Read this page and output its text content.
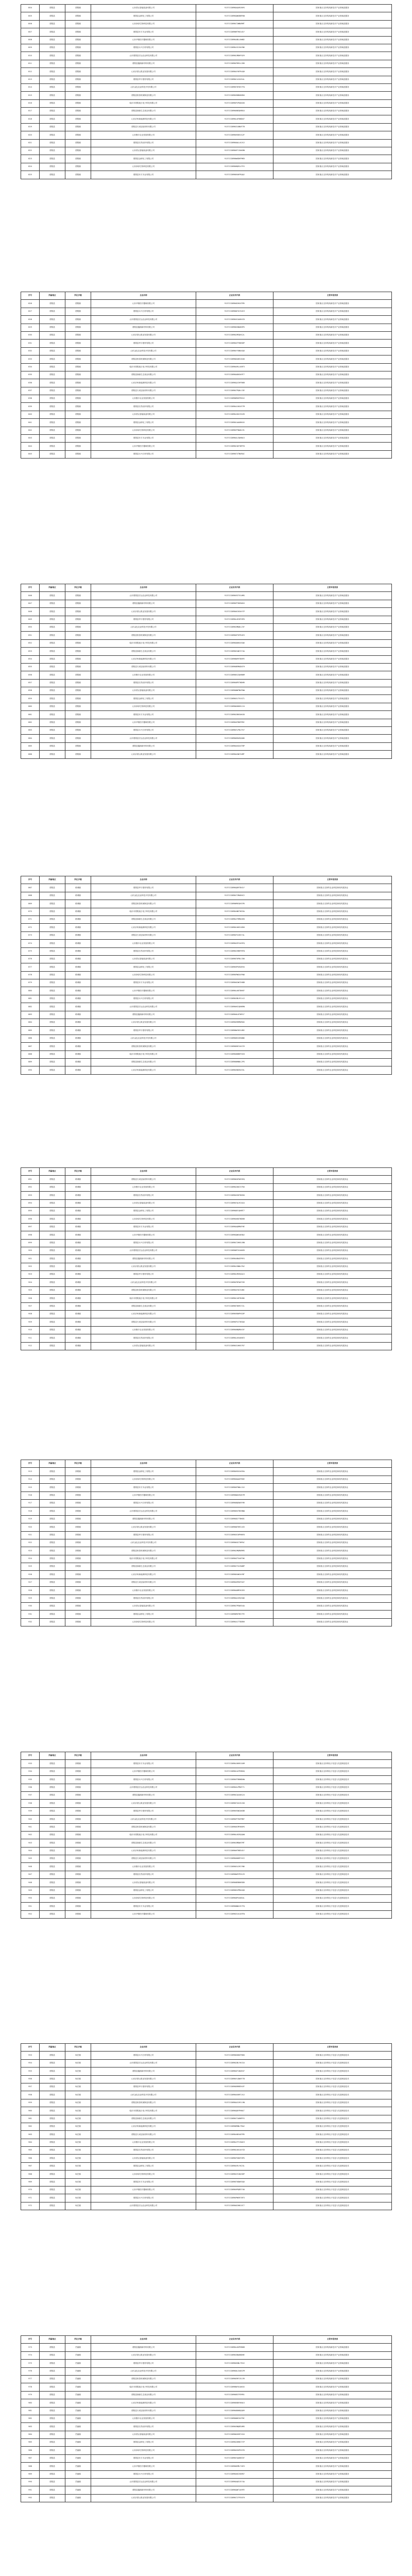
804	蒙阴县	蒙阴镇	山东蒙山智能装备有限公司	91371328MAAQ4RJNYK	国家重点支持的高新技术产业领域及服务
805	蒙阴县	蒙阴镇	蒙阴县金桥化工有限公司	91371328MAQWG8NPAN	国家重点支持的高新技术产业领域及服务
806	蒙阴县	蒙阴镇	山东润泽生物科技有限公司	91371328MA72WNURMT	国家重点支持的高新技术产业领域及服务
807	蒙阴县	蒙阴镇	蒙阴县东方木业有限公司	91371328MAM7961U1Y	国家重点支持的高新技术产业领域及服务
808	蒙阴县	蒙阴镇	山东华康医疗器械有限公司	91371328MA4BLL6WB2	国家重点支持的高新技术产业领域及服务
809	蒙阴县	蒙阴镇	蒙阴县永兴石材有限公司	91371328MAJG13AYN6	国家重点支持的高新技术产业领域及服务
810	蒙阴县	蒙阴镇	山东蒙阴县宏达农业科技有限公司	91371328MA1MDHF029	国家重点支持的高新技术产业领域及服务
811	蒙阴县	蒙阴镇	蒙阴县鑫源新材料有限公司	91371328MAFRR1L2DD	国家重点支持的高新技术产业领域及服务
812	蒙阴县	蒙阴镇	山东沂蒙山果业发展有限公司	91371328MAXY6FR4QH	国家重点支持的高新技术产业领域及服务
813	蒙阴县	蒙阴镇	蒙阴县华宇建材有限公司	91371328MAC4JXX54L	国家重点支持的高新技术产业领域及服务
814	蒙阴县	蒙阴镇	山东金色农业科技开发有限公司	91371328MAT8YD37FQ	国家重点支持的高新技术产业领域及服务
815	蒙阴县	蒙阴镇	蒙阴县恒泰机械制造有限公司	91371328MA9DBU88RU	国家重点支持的高新技术产业领域及服务
816	蒙阴县	蒙阴镇	临沂市蒙阴旭日电子科技有限公司	91371328MAPJPADA50	国家重点支持的高新技术产业领域及服务
817	蒙阴县	蒙阴镇	蒙阴县绿源生态食品有限公司	91371328MA6N3QHBG4	国家重点支持的高新技术产业领域及服务
818	蒙阴县	蒙阴镇	山东沂州新能源科技有限公司	91371328MALUF8NDU7	国家重点支持的高新技术产业领域及服务
819	蒙阴县	蒙阴镇	蒙阴县天成包装材料有限公司	91371328MA31UNUF7B	国家重点支持的高新技术产业领域及服务
820	蒙阴县	蒙阴镇	山东聚丰农业发展有限公司	91371328MAH5851GJF	国家重点支持的高新技术产业领域及服务
821	蒙阴县	蒙阴镇	蒙阴县宏昌纺织有限公司	91371328MA0ALL6JXJ	国家重点支持的高新技术产业领域及服务
822	蒙阴县	蒙阴镇	山东蒙山智能装备有限公司	91371328MAEF13AK8N	国家重点支持的高新技术产业领域及服务
823	蒙阴县	蒙阴镇	蒙阴县金桥化工有限公司	91371328MAWKDHFMKR	国家重点支持的高新技术产业领域及服务
824	蒙阴县	蒙阴镇	山东润泽生物科技有限公司	91371328MABQR1LPYX	国家重点支持的高新技术产业领域及服务
825	蒙阴县	蒙阴镇	蒙阴县东方木业有限公司	91371328MARX6FRQA2	国家重点支持的高新技术产业领域及服务
序号	所属地区	所在乡镇	企业名称	企业信用代码	主要申报类别
826	蒙阴县	蒙阴镇	山东华康医疗器械有限公司	91371328MA82HXXTM5	国家重点支持的高新技术产业领域及服务
827	蒙阴县	蒙阴镇	蒙阴县永兴石材有限公司	91371328MAN7XC3U19	国家重点支持的高新技术产业领域及服务
828	蒙阴县	蒙阴镇	山东蒙阴县宏达农业科技有限公司	91371328MA5CAU8XCD	国家重点支持的高新技术产业领域及服务
829	蒙阴县	蒙阴镇	蒙阴县鑫源新材料有限公司	91371328MAKGNAD0PG	国家重点支持的高新技术产业领域及服务
830	蒙阴县	蒙阴镇	山东沂蒙山果业发展有限公司	91371328MA2M3QH12L	国家重点支持的高新技术产业领域及服务
831	蒙阴县	蒙阴镇	蒙阴县华宇建材有限公司	91371328MAGTF8N3DP	国家重点支持的高新技术产业领域及服务
832	蒙阴县	蒙阴镇	山东金色农业科技开发有限公司	91371328MAYYUNU4QU	国家重点支持的高新技术产业领域及服务
833	蒙阴县	蒙阴镇	蒙阴县恒泰机械制造有限公司	91371328MAD4851640	国家重点支持的高新技术产业领域及服务
834	蒙阴县	蒙阴镇	临沂市蒙阴旭日电子科技有限公司	91371328MAU9LL68F3	国家重点支持的高新技术产业领域及服务
835	蒙阴县	蒙阴镇	蒙阴县绿源生态食品有限公司	91371328MAAD03A9T7	国家重点支持的高新技术产业领域及服务
836	蒙阴县	蒙阴镇	山东沂州新能源科技有限公司	91371328MAQJCHFB6B	国家重点支持的高新技术产业领域及服务
837	蒙阴县	蒙阴镇	蒙阴县天成包装材料有限公司	91371328MA7PQ0LCGE	国家重点支持的高新技术产业领域及服务
838	蒙阴县	蒙阴镇	山东聚丰农业发展有限公司	91371328MAMU5FREUJ	国家重点支持的高新技术产业领域及服务
839	蒙阴县	蒙阴镇	蒙阴县宏昌纺织有限公司	91371328MA41HXXF7M	国家重点支持的高新技术产业领域及服务
840	蒙阴县	蒙阴镇	山东蒙山智能装备有限公司	91371328MAJ6XC3HJR	国家重点支持的高新技术产业领域及服务
841	蒙阴县	蒙阴镇	蒙阴县金桥化工有限公司	91371328MA1AAU8KXX	国家重点支持的高新技术产业领域及服务
842	蒙阴县	蒙阴镇	山东润泽生物科技有限公司	91371328MAFFNADL91	国家重点支持的高新技术产业领域及服务
843	蒙阴县	蒙阴镇	蒙阴县东方木业有限公司	91371328MAXL3QHNL5	国家重点支持的高新技术产业领域及服务
844	蒙阴县	蒙阴镇	山东华康医疗器械有限公司	91371328MACQE7NPY8	国家重点支持的高新技术产业领域及服务
845	蒙阴县	蒙阴镇	蒙阴县永兴石材有限公司	91371328MATXTNURAC	国家重点支持的高新技术产业领域及服务
序号	所属地区	所在乡镇	企业名称	企业信用代码	主要申报类别
846	蒙阴县	蒙阴镇	山东蒙阴县宏达农业科技有限公司	91371328MA93751UMG	国家重点支持的高新技术产业领域及服务
847	蒙阴县	蒙阴镇	蒙阴县鑫源新材料有限公司	91371328MAP7KK5W1K	国家重点支持的高新技术产业领域及服务
848	蒙阴县	蒙阴镇	山东沂蒙山果业发展有限公司	91371328MA6C03AYCP	国家重点支持的高新技术产业领域及服务
849	蒙阴县	蒙阴镇	蒙阴县华宇建材有限公司	91371328MALHCHF0PU	国家重点支持的高新技术产业领域及服务
850	蒙阴县	蒙阴镇	山东金色农业科技开发有限公司	91371328MA3MQ0L23Y	国家重点支持的高新技术产业领域及服务
851	蒙阴县	蒙阴镇	蒙阴县恒泰机械制造有限公司	91371328MAHT5FR4E3	国家重点支持的高新技术产业领域及服务
852	蒙阴县	蒙阴镇	临沂市蒙阴旭日电子科技有限公司	91371328MA00HXX5Q6	国家重点支持的高新技术产业领域及服务
853	蒙阴县	蒙阴镇	蒙阴县绿源生态食品有限公司	91371328MAE4WC374A	国家重点支持的高新技术产业领域及服务
854	蒙阴县	蒙阴镇	山东沂州新能源科技有限公司	91371328MAW99T88FE	国家重点支持的高新技术产业领域及服务
855	蒙阴县	蒙阴镇	蒙阴县天成包装材料有限公司	91371328MABEMADATH	国家重点支持的高新技术产业领域及服务
856	蒙阴县	蒙阴镇	山东聚丰农业发展有限公司	91371328MARJ2QHB6M	国家重点支持的高新技术产业领域及服务
857	蒙阴县	蒙阴镇	蒙阴县宏昌纺织有限公司	91371328MA8PE7NDHR	国家重点支持的高新技术产业领域及服务
858	蒙阴县	蒙阴镇	山东蒙山智能装备有限公司	91371328MANWTNUFWW	国家重点支持的高新技术产业领域及服务
859	蒙阴县	蒙阴镇	蒙阴县金桥化工有限公司	91371328MA51751G71	国家重点支持的高新技术产业领域及服务
860	蒙阴县	蒙阴镇	山东润泽生物科技有限公司	91371328MAK6KK5JJ4	国家重点支持的高新技术产业领域及服务
861	蒙阴县	蒙阴镇	蒙阴县东方木业有限公司	91371328MA2B03AKX8	国家重点支持的高新技术产业领域及服务
862	蒙阴县	蒙阴镇	山东华康医疗器械有限公司	91371328MAGFBHFM9C	国家重点支持的高新技术产业领域及服务
863	蒙阴县	蒙阴镇	蒙阴县永兴石材有限公司	91371328MAYLP0LPLF	国家重点支持的高新技术产业领域及服务
864	蒙阴县	蒙阴镇	山东蒙阴县宏达农业科技有限公司	91371328MADR4EQQ0K	国家重点支持的高新技术产业领域及服务
865	蒙阴县	蒙阴镇	蒙阴县鑫源新材料有限公司	91371328MAUXGXXTBP	国家重点支持的高新技术产业领域及服务
866	蒙阴县	蒙阴镇	山东沂蒙山果业发展有限公司	91371328MAA3WC3UMT	国家重点支持的高新技术产业领域及服务
序号	所属地区	所在乡镇	企业名称	企业信用代码	主要申报类别
867	蒙阴县	联城镇	蒙阴县华宇建材有限公司	91371328MAQ89T8X1Y	国家重点支持的农业科技和现代服务业
868	蒙阴县	联城镇	山东金色农业科技开发有限公司	91371328MA7CMAD0C2	国家重点支持的农业科技和现代服务业
869	蒙阴县	联城镇	蒙阴县恒泰机械制造有限公司	91371328MAMH2QH1P6	国家重点支持的农业科技和现代服务业
870	蒙阴县	联城镇	临沂市蒙阴旭日电子科技有限公司	91371328MA4NE7N33A	国家重点支持的农业科技和现代服务业
871	蒙阴县	联城镇	蒙阴县绿源生态食品有限公司	91371328MAJTRMU4ED	国家重点支持的农业科技和现代服务业
872	蒙阴县	联城镇	山东沂州新能源科技有限公司	91371328MA106516RH	国家重点支持的农业科技和现代服务业
873	蒙阴县	联城镇	蒙阴县天成包装材料有限公司	91371328MAF5JK574L	国家重点支持的农业科技和现代服务业
874	蒙阴县	联城镇	山东聚丰农业发展有限公司	91371328MAX9Y2A9FQ	国家重点支持的农业科技和现代服务业
875	蒙阴县	联城镇	蒙阴县宏昌纺织有限公司	91371328MACEBHFBTW	国家重点支持的农业科技和现代服务业
876	蒙阴县	联城镇	山东蒙山智能装备有限公司	91371328MATKP0LC60	国家重点支持的农业科技和现代服务业
877	蒙阴县	联城镇	蒙阴县金桥化工有限公司	91371328MA9P4EQEH4	国家重点支持的农业科技和现代服务业
878	蒙阴县	联城镇	山东润泽生物科技有限公司	91371328MAPWGXXFW8	国家重点支持的农业科技和现代服务业
879	蒙阴县	联城镇	蒙阴县东方木业有限公司	91371328MA62WC3H8B	国家重点支持的农业科技和现代服务业
880	蒙阴县	联城镇	山东华康医疗器械有限公司	91371328MAL68T8KKF	国家重点支持的农业科技和现代服务业
881	蒙阴县	联城镇	蒙阴县永兴石材有限公司	91371328MA3BL9CLXJ	国家重点支持的农业科技和现代服务业
882	蒙阴县	联城镇	山东蒙阴县宏达农业科技有限公司	91371328MAHG1QHN9N	国家重点支持的农业科技和现代服务业
883	蒙阴县	联城镇	蒙阴县鑫源新材料有限公司	91371328MA0LD7NPLT	国家重点支持的农业科技和现代服务业
884	蒙阴县	联城镇	山东沂蒙山果业发展有限公司	91371328MAERRMUR0X	国家重点支持的农业科技和现代服务业
885	蒙阴县	联城镇	蒙阴县华宇建材有限公司	91371328MAWY651UB2	国家重点支持的农业科技和现代服务业
886	蒙阴县	联城镇	山东金色农业科技开发有限公司	91371328MAB3JK5WN6	国家重点支持的农业科技和现代服务业
887	蒙阴县	联城镇	蒙阴县恒泰机械制造有限公司	91371328MAR8Y2AY29	国家重点支持的农业科技和现代服务业
888	蒙阴县	联城镇	临沂市蒙阴旭日电子科技有限公司	91371328MA8DBHF0CD	国家重点支持的农业科技和现代服务业
889	蒙阴县	联城镇	蒙阴县绿源生态食品有限公司	91371328MANHN0L2PG	国家重点支持的农业科技和现代服务业
890	蒙阴县	联城镇	山东沂州新能源科技有限公司	91371328MA5N3EQ33L	国家重点支持的农业科技和现代服务业
序号	所属地区	所在乡镇	企业名称	企业信用代码	主要申报类别
891	蒙阴县	联城镇	蒙阴县天成包装材料有限公司	91371328MAKUFWX5EQ	国家重点支持的农业科技和现代服务业
892	蒙阴县	联城镇	山东聚丰农业发展有限公司	91371328MA20UC37RU	国家重点支持的农业科技和现代服务业
893	蒙阴县	联城镇	蒙阴县宏昌纺织有限公司	91371328MAG58T8850	国家重点支持的农业科技和现代服务业
894	蒙阴县	联城镇	山东蒙山智能装备有限公司	91371328MAYAL9CAG4	国家重点支持的农业科技和现代服务业
895	蒙阴县	联城镇	蒙阴县金桥化工有限公司	91371328MADE1QHBT7	国家重点支持的农业科技和现代服务业
896	蒙阴县	联城镇	山东润泽生物科技有限公司	91371328MAUKD7ND6B	国家重点支持的农业科技和现代服务业
897	蒙阴县	联城镇	蒙阴县东方木业有限公司	91371328MAAQRMUFHE	国家重点支持的农业科技和现代服务业
898	蒙阴县	联城镇	山东华康医疗器械有限公司	91371328MAQW540GWJ	国家重点支持的农业科技和现代服务业
899	蒙阴县	联城镇	蒙阴县永兴石材有限公司	91371328MA72HK5J8N	国家重点支持的农业科技和现代服务业
900	蒙阴县	联城镇	山东蒙阴县宏达农业科技有限公司	91371328MAM7X2AKKR	国家重点支持的农业科技和现代服务业
901	蒙阴县	联城镇	蒙阴县鑫源新材料有限公司	91371328MA4BAGFMYX	国家重点支持的农业科技和现代服务业
902	蒙阴县	联城镇	山东沂蒙山果业发展有限公司	91371328MAJGN0LPA2	国家重点支持的农业科技和现代服务业
903	蒙阴县	联城镇	蒙阴县华宇建材有限公司	91371328MA1M3EQQL5	国家重点支持的农业科技和现代服务业
904	蒙阴县	联城镇	山东金色农业科技开发有限公司	91371328MAFRFWXT09	国家重点支持的农业科技和现代服务业
905	蒙阴县	联城镇	蒙阴县恒泰机械制造有限公司	91371328MAXYUC3UBC	国家重点支持的农业科技和现代服务业
906	蒙阴县	联城镇	临沂市蒙阴旭日电子科技有限公司	91371328MAC48T8XNG	国家重点支持的农业科技和现代服务业
907	蒙阴县	联城镇	蒙阴县绿源生态食品有限公司	91371328MAT8K9CY2L	国家重点支持的农业科技和现代服务业
908	蒙阴县	联城镇	山东沂州新能源科技有限公司	91371328MA9D0PH1DP	国家重点支持的农业科技和现代服务业
909	蒙阴县	联城镇	蒙阴县天成包装材料有限公司	91371328MAPJC7N3QU	国家重点支持的农业科技和现代服务业
910	蒙阴县	联城镇	山东聚丰农业发展有限公司	91371328MA6NQMU43Y	国家重点支持的农业科技和现代服务业
911	蒙阴县	联城镇	蒙阴县宏昌纺织有限公司	91371328MALU5406E3	国家重点支持的农业科技和现代服务业
912	蒙阴县	联城镇	山东蒙山智能装备有限公司	91371328MA31HK57R7	国家重点支持的农业科技和现代服务业
序号	所属地区	所在乡镇	企业名称	企业信用代码	主要申报类别
913	蒙阴县	常路镇	蒙阴县金桥化工有限公司	91371328MAH5X2A95A	国家重点支持的农业科技和现代服务业
914	蒙阴县	常路镇	山东润泽生物科技有限公司	91371328MA0AAGFBGE	国家重点支持的农业科技和现代服务业
915	蒙阴县	常路镇	蒙阴县东方木业有限公司	91371328MAEFN0LCUJ	国家重点支持的农业科技和现代服务业
916	蒙阴县	常路镇	山东华康医疗器械有限公司	91371328MAWK2EQE7M	国家重点支持的农业科技和现代服务业
917	蒙阴县	常路镇	蒙阴县永兴石材有限公司	91371328MABQEWXFHR	国家重点支持的农业科技和现代服务业
918	蒙阴县	常路镇	山东蒙阴县宏达农业科技有限公司	91371328MARXTB3HWW	国家重点支持的农业科技和现代服务业
919	蒙阴县	常路镇	蒙阴县鑫源新材料有限公司	91371328MA827T8K81	国家重点支持的农业科技和现代服务业
920	蒙阴县	常路镇	山东沂蒙山果业发展有限公司	91371328MAN7K9CLK5	国家重点支持的农业科技和现代服务业
921	蒙阴县	常路镇	蒙阴县华宇建材有限公司	91371328MA5C0PHNY8	国家重点支持的农业科技和现代服务业
922	蒙阴县	常路镇	山东金色农业科技开发有限公司	91371328MAKGC7NPAC	国家重点支持的农业科技和现代服务业
923	蒙阴县	常路镇	蒙阴县恒泰机械制造有限公司	91371328MA2MQMURMG	国家重点支持的农业科技和现代服务业
924	蒙阴县	常路镇	临沂市蒙阴旭日电子科技有限公司	91371328MAGT540T0K	国家重点支持的农业科技和现代服务业
925	蒙阴县	常路镇	蒙阴县绿源生态食品有限公司	91371328MAYYGJ5WBP	国家重点支持的农业科技和现代服务业
926	蒙阴县	常路镇	山东沂州新能源科技有限公司	91371328MAD4W2AYNT	国家重点支持的农业科技和现代服务业
927	蒙阴县	常路镇	蒙阴县天成包装材料有限公司	91371328MAU99GF02Y	国家重点支持的农业科技和现代服务业
928	蒙阴县	常路镇	山东聚丰农业发展有限公司	91371328MAADMYK2D3	国家重点支持的农业科技和现代服务业
929	蒙阴县	常路镇	蒙阴县宏昌纺织有限公司	91371328MAQJ2EQ3Q6	国家重点支持的农业科技和现代服务业
930	蒙阴县	常路镇	山东蒙山智能装备有限公司	91371328MA7PEWX54A	国家重点支持的农业科技和现代服务业
931	蒙阴县	常路镇	蒙阴县金桥化工有限公司	91371328MAMUTB37FE	国家重点支持的农业科技和现代服务业
932	蒙阴县	常路镇	山东润泽生物科技有限公司	91371328MA417T88RH	国家重点支持的农业科技和现代服务业
序号	所属地区	所在乡镇	企业名称	企业信用代码	主要申报类别
933	蒙阴县	常路镇	蒙阴县东方木业有限公司	91371328MAJ6K9CA5M	国家重点支持的电子信息与先进制造技术
934	蒙阴县	常路镇	山东华康医疗器械有限公司	91371328MA1AYPHBGQ	国家重点支持的电子信息与先进制造技术
935	蒙阴县	常路镇	蒙阴县永兴石材有限公司	91371328MAFFB6NDUW	国家重点支持的电子信息与先进制造技术
936	蒙阴县	常路镇	山东蒙阴县宏达农业科技有限公司	91371328MAXLPMUF71	国家重点支持的电子信息与先进制造技术
937	蒙阴县	常路镇	蒙阴县鑫源新材料有限公司	91371328MACQ440GJ4	国家重点支持的电子信息与先进制造技术
938	蒙阴县	常路镇	山东沂蒙山果业发展有限公司	91371328MATXGJ5JX8	国家重点支持的电子信息与先进制造技术
939	蒙阴县	常路镇	蒙阴县华宇建材有限公司	91371328MA93W2AK8B	国家重点支持的电子信息与先进制造技术
940	蒙阴县	常路镇	山东金色农业科技开发有限公司	91371328MAP79GFMKF	国家重点支持的电子信息与先进制造技术
941	蒙阴县	常路镇	蒙阴县恒泰机械制造有限公司	91371328MA6CMYKNYK	国家重点支持的电子信息与先进制造技术
942	蒙阴县	常路镇	临沂市蒙阴旭日电子科技有限公司	91371328MALH2EQQAN	国家重点支持的电子信息与先进制造技术
943	蒙阴县	常路镇	蒙阴县绿源生态食品有限公司	91371328MA3MDWXTMT	国家重点支持的电子信息与先进制造技术
944	蒙阴县	常路镇	山东沂州新能源科技有限公司	91371328MAHTRB3U1Y	国家重点支持的电子信息与先进制造技术
945	蒙阴县	常路镇	蒙阴县天成包装材料有限公司	91371328MA006R7XC2	国家重点支持的电子信息与先进制造技术
946	蒙阴县	常路镇	山东聚丰农业发展有限公司	91371328MAE4J9CYN6	国家重点支持的电子信息与先进制造技术
947	蒙阴县	常路镇	蒙阴县宏昌纺织有限公司	91371328MAW9YPH129	国家重点支持的电子信息与先进制造技术
948	蒙阴县	常路镇	山东蒙山智能装备有限公司	91371328MABEB6N3DD	国家重点支持的电子信息与先进制造技术
949	蒙阴县	常路镇	蒙阴县金桥化工有限公司	91371328MARJPMU4QH	国家重点支持的电子信息与先进制造技术
950	蒙阴县	常路镇	山东润泽生物科技有限公司	91371328MA8P44064L	国家重点支持的电子信息与先进制造技术
951	蒙阴县	常路镇	蒙阴县东方木业有限公司	91371328MANWGJ57FQ	国家重点支持的电子信息与先进制造技术
952	蒙阴县	常路镇	山东华康医疗器械有限公司	91371328MA51U1A9TW	国家重点支持的电子信息与先进制造技术
序号	所属地区	所在乡镇	企业名称	企业信用代码	主要申报类别
953	蒙阴县	垛庄镇	蒙阴县永兴石材有限公司	91371328MAK68GFB60	国家重点支持的电子信息与先进制造技术
954	蒙阴县	垛庄镇	山东蒙阴县宏达农业科技有限公司	91371328MA2BLYKCG4	国家重点支持的电子信息与先进制造技术
955	蒙阴县	垛庄镇	蒙阴县鑫源新材料有限公司	91371328MAGF1DQEU7	国家重点支持的电子信息与先进制造技术
956	蒙阴县	垛庄镇	山东沂蒙山果业发展有限公司	91371328MAYLDWXF7B	国家重点支持的电子信息与先进制造技术
957	蒙阴县	垛庄镇	蒙阴县华宇建材有限公司	91371328MADRRB3HJF	国家重点支持的电子信息与先进制造技术
958	蒙阴县	垛庄镇	山东金色农业科技开发有限公司	91371328MAUX6R7JXJ	国家重点支持的电子信息与先进制造技术
959	蒙阴县	垛庄镇	蒙阴县恒泰机械制造有限公司	91371328MAA3J9CL9N	国家重点支持的电子信息与先进制造技术
960	蒙阴县	垛庄镇	临沂市蒙阴旭日电子科技有限公司	91371328MAQ8YPHNLT	国家重点支持的电子信息与先进制造技术
961	蒙阴县	垛庄镇	蒙阴县绿源生态食品有限公司	91371328MA7CA6NPYX	国家重点支持的电子信息与先进制造技术
962	蒙阴县	垛庄镇	山东沂州新能源科技有限公司	91371328MAMHNLTRA2	国家重点支持的电子信息与先进制造技术
963	蒙阴县	垛庄镇	蒙阴县天成包装材料有限公司	91371328MA4N340TM5	国家重点支持的电子信息与先进制造技术
964	蒙阴县	垛庄镇	山东聚丰农业发展有限公司	91371328MAJTFJ5W19	国家重点支持的电子信息与先进制造技术
965	蒙阴县	垛庄镇	蒙阴县宏昌纺织有限公司	91371328MA10U1AYCD	国家重点支持的电子信息与先进制造技术
966	蒙阴县	垛庄镇	山东蒙山智能装备有限公司	91371328MAF58GF0PG	国家重点支持的电子信息与先进制造技术
967	蒙阴县	垛庄镇	蒙阴县金桥化工有限公司	91371328MAX9LYK23L	国家重点支持的电子信息与先进制造技术
968	蒙阴县	垛庄镇	山东润泽生物科技有限公司	91371328MACE1DQ3DP	国家重点支持的电子信息与先进制造技术
969	蒙阴县	垛庄镇	蒙阴县东方木业有限公司	91371328MATKDWX5QU	国家重点支持的电子信息与先进制造技术
970	蒙阴县	垛庄镇	山东华康医疗器械有限公司	91371328MA9PQB3740	国家重点支持的电子信息与先进制造技术
971	蒙阴县	垛庄镇	蒙阴县永兴石材有限公司	91371328MAPW5R78F3	国家重点支持的电子信息与先进制造技术
972	蒙阴县	垛庄镇	山东蒙阴县宏达农业科技有限公司	91371328MA62H8CAT7	国家重点支持的电子信息与先进制造技术
序号	所属地区	所在乡镇	企业名称	企业信用代码	主要申报类别
973	蒙阴县	岱崮镇	蒙阴县鑫源新材料有限公司	91371328MAL6XPHB6B	国家重点支持的高新技术产业领域及服务
974	蒙阴县	岱崮镇	山东沂蒙山果业发展有限公司	91371328MA3BA6NDHE	国家重点支持的高新技术产业领域及服务
975	蒙阴县	岱崮镇	蒙阴县华宇建材有限公司	91371328MAHGNLTEUJ	国家重点支持的高新技术产业领域及服务
976	蒙阴县	岱崮镇	山东金色农业科技开发有限公司	91371328MA0L340G7M	国家重点支持的高新技术产业领域及服务
977	蒙阴县	岱崮镇	蒙阴县恒泰机械制造有限公司	91371328MAERFJ5JJR	国家重点支持的高新技术产业领域及服务
978	蒙阴县	岱崮镇	临沂市蒙阴旭日电子科技有限公司	91371328MAWYU1AKXX	国家重点支持的高新技术产业领域及服务
979	蒙阴县	岱崮镇	蒙阴县绿源生态食品有限公司	91371328MAB37FEM91	国家重点支持的高新技术产业领域及服务
980	蒙阴县	岱崮镇	山东沂州新能源科技有限公司	91371328MAR8KYKNL5	国家重点支持的高新技术产业领域及服务
981	蒙阴县	岱崮镇	蒙阴县天成包装材料有限公司	91371328MA8D0DQQ09	国家重点支持的高新技术产业领域及服务
982	蒙阴县	岱崮镇	山东聚丰农业发展有限公司	91371328MANHCUXTBC	国家重点支持的高新技术产业领域及服务
983	蒙阴县	岱崮镇	蒙阴县宏昌纺织有限公司	91371328MA5NQB3UMG	国家重点支持的高新技术产业领域及服务
984	蒙阴县	岱崮镇	山东蒙山智能装备有限公司	91371328MAKU5R7X1K	国家重点支持的高新技术产业领域及服务
985	蒙阴县	岱崮镇	蒙阴县金桥化工有限公司	91371328MA20H8CYCP	国家重点支持的高新技术产业领域及服务
986	蒙阴县	岱崮镇	山东润泽生物科技有限公司	91371328MAG5XPH1PU	国家重点支持的高新技术产业领域及服务
987	蒙阴县	岱崮镇	蒙阴县东方木业有限公司	91371328MAYAA6N33Y	国家重点支持的高新技术产业领域及服务
988	蒙阴县	岱崮镇	山东华康医疗器械有限公司	91371328MADEMLT4E3	国家重点支持的高新技术产业领域及服务
989	蒙阴县	岱崮镇	蒙阴县永兴石材有限公司	91371328MAUK2306R7	国家重点支持的高新技术产业领域及服务
990	蒙阴县	岱崮镇	山东蒙阴县宏达农业科技有限公司	91371328MAAQEJ574A	国家重点支持的高新技术产业领域及服务
991	蒙阴县	岱崮镇	蒙阴县鑫源新材料有限公司	91371328MAQWT1A9FE	国家重点支持的高新技术产业领域及服务
992	蒙阴县	岱崮镇	山东沂蒙山果业发展有限公司	91371328MA727FEATH	国家重点支持的高新技术产业领域及服务
